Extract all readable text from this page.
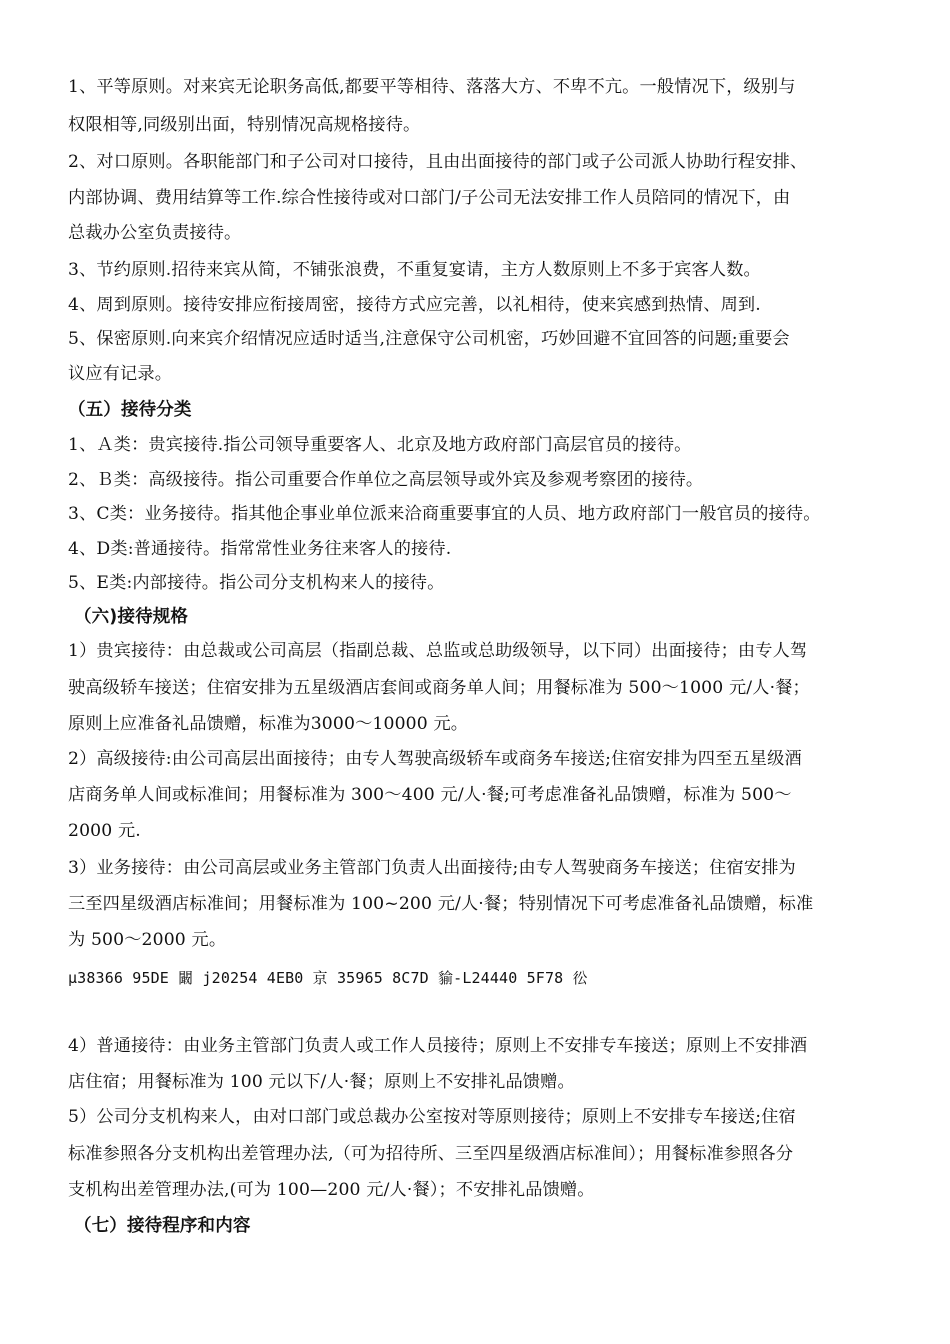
1、平等原则。对来宾无论职务高低,都要平等相待、落落大方、不卑不亢。一般情况下，级别与
权限相等,同级别出面，特别情况高规格接待。
2、对口原则。各职能部门和子公司对口接待，且由出面接待的部门或子公司派人协助行程安排、
内部协调、费用结算等工作.综合性接待或对口部门/子公司无法安排工作人员陪同的情况下，由
总裁办公室负责接待。
3、节约原则.招待来宾从简，不铺张浪费，不重复宴请，主方人数原则上不多于宾客人数。
4、周到原则。接待安排应衔接周密，接待方式应完善，以礼相待，使来宾感到热情、周到.
5、保密原则.向来宾介绍情况应适时适当,注意保守公司机密，巧妙回避不宜回答的问题;重要会
议应有记录。
（五）接待分类
1、Ａ类：贵宾接待.指公司领导重要客人、北京及地方政府部门高层官员的接待。
2、Ｂ类：高级接待。指公司重要合作单位之高层领导或外宾及参观考察团的接待。
3、C类：业务接待。指其他企事业单位派来洽商重要事宜的人员、地方政府部门一般官员的接待。
4、D类:普通接待。指常常性业务往来客人的接待.
5、E类:内部接待。指公司分支机构来人的接待。
（六)接待规格
1）贵宾接待：由总裁或公司高层（指副总裁、总监或总助级领导，以下同）出面接待；由专人驾
驶高级轿车接送；住宿安排为五星级酒店套间或商务单人间；用餐标准为 500～1000 元/人·餐；
原则上应准备礼品馈赠，标准为3000～10000 元。
2）高级接待:由公司高层出面接待；由专人驾驶高级轿车或商务车接送;住宿安排为四至五星级酒
店商务单人间或标准间；用餐标准为 300～400 元/人·餐;可考虑准备礼品馈赠，标准为 500～
2000 元.
3）业务接待：由公司高层或业务主管部门负责人出面接待;由专人驾驶商务车接送；住宿安排为
三至四星级酒店标准间；用餐标准为 100~200 元/人·餐；特别情况下可考虑准备礼品馈赠，标准
为 500～2000 元。
μ38366 95DE 闞 j20254 4EB0 京 35965 8C7D 貐-L24440 5F78 彸
4）普通接待：由业务主管部门负责人或工作人员接待；原则上不安排专车接送；原则上不安排酒
店住宿；用餐标准为 100 元以下/人·餐；原则上不安排礼品馈赠。
5）公司分支机构来人，由对口部门或总裁办公室按对等原则接待；原则上不安排专车接送;住宿
标准参照各分支机构出差管理办法,（可为招待所、三至四星级酒店标准间）；用餐标准参照各分
支机构出差管理办法,(可为 100—200 元/人·餐）；不安排礼品馈赠。
（七）接待程序和内容
